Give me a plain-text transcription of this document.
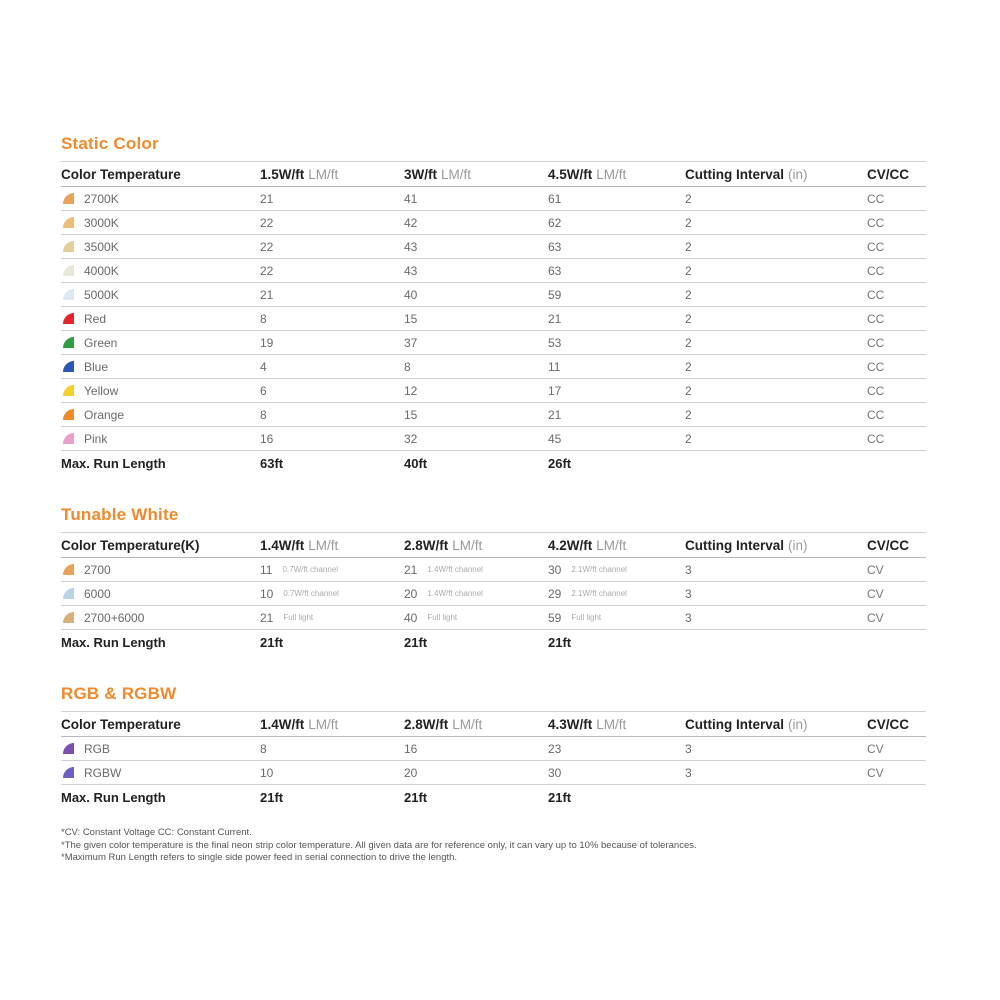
Static Color
Color Temperature	1.5W/ft LM/ft	3W/ft LM/ft	4.5W/ft LM/ft	Cutting Interval (in)	CV/CC
2700K	21	41	61	2	CC
3000K	22	42	62	2	CC
3500K	22	43	63	2	CC
4000K	22	43	63	2	CC
5000K	21	40	59	2	CC
Red	8	15	21	2	CC
Green	19	37	53	2	CC
Blue	4	8	11	2	CC
Yellow	6	12	17	2	CC
Orange	8	15	21	2	CC
Pink	16	32	45	2	CC
Max. Run Length	63ft	40ft	26ft
Tunable White
Color Temperature(K)	1.4W/ft LM/ft	2.8W/ft LM/ft	4.2W/ft LM/ft	Cutting Interval (in)	CV/CC
2700	11 0.7W/ft channel	21 1.4W/ft channel	30 2.1W/ft channel	3	CV
6000	10 0.7W/ft channel	20 1.4W/ft channel	29 2.1W/ft channel	3	CV
2700+6000	21 Full light	40 Full light	59 Full light	3	CV
Max. Run Length	21ft	21ft	21ft
RGB & RGBW
Color Temperature	1.4W/ft LM/ft	2.8W/ft LM/ft	4.3W/ft LM/ft	Cutting Interval (in)	CV/CC
RGB	8	16	23	3	CV
RGBW	10	20	30	3	CV
Max. Run Length	21ft	21ft	21ft
*CV: Constant Voltage CC: Constant Current.
*The given color temperature is the final neon strip color temperature. All given data are for reference only, it can vary up to 10% because of tolerances.
*Maximum Run Length refers to single side power feed in serial connection to drive the length.
